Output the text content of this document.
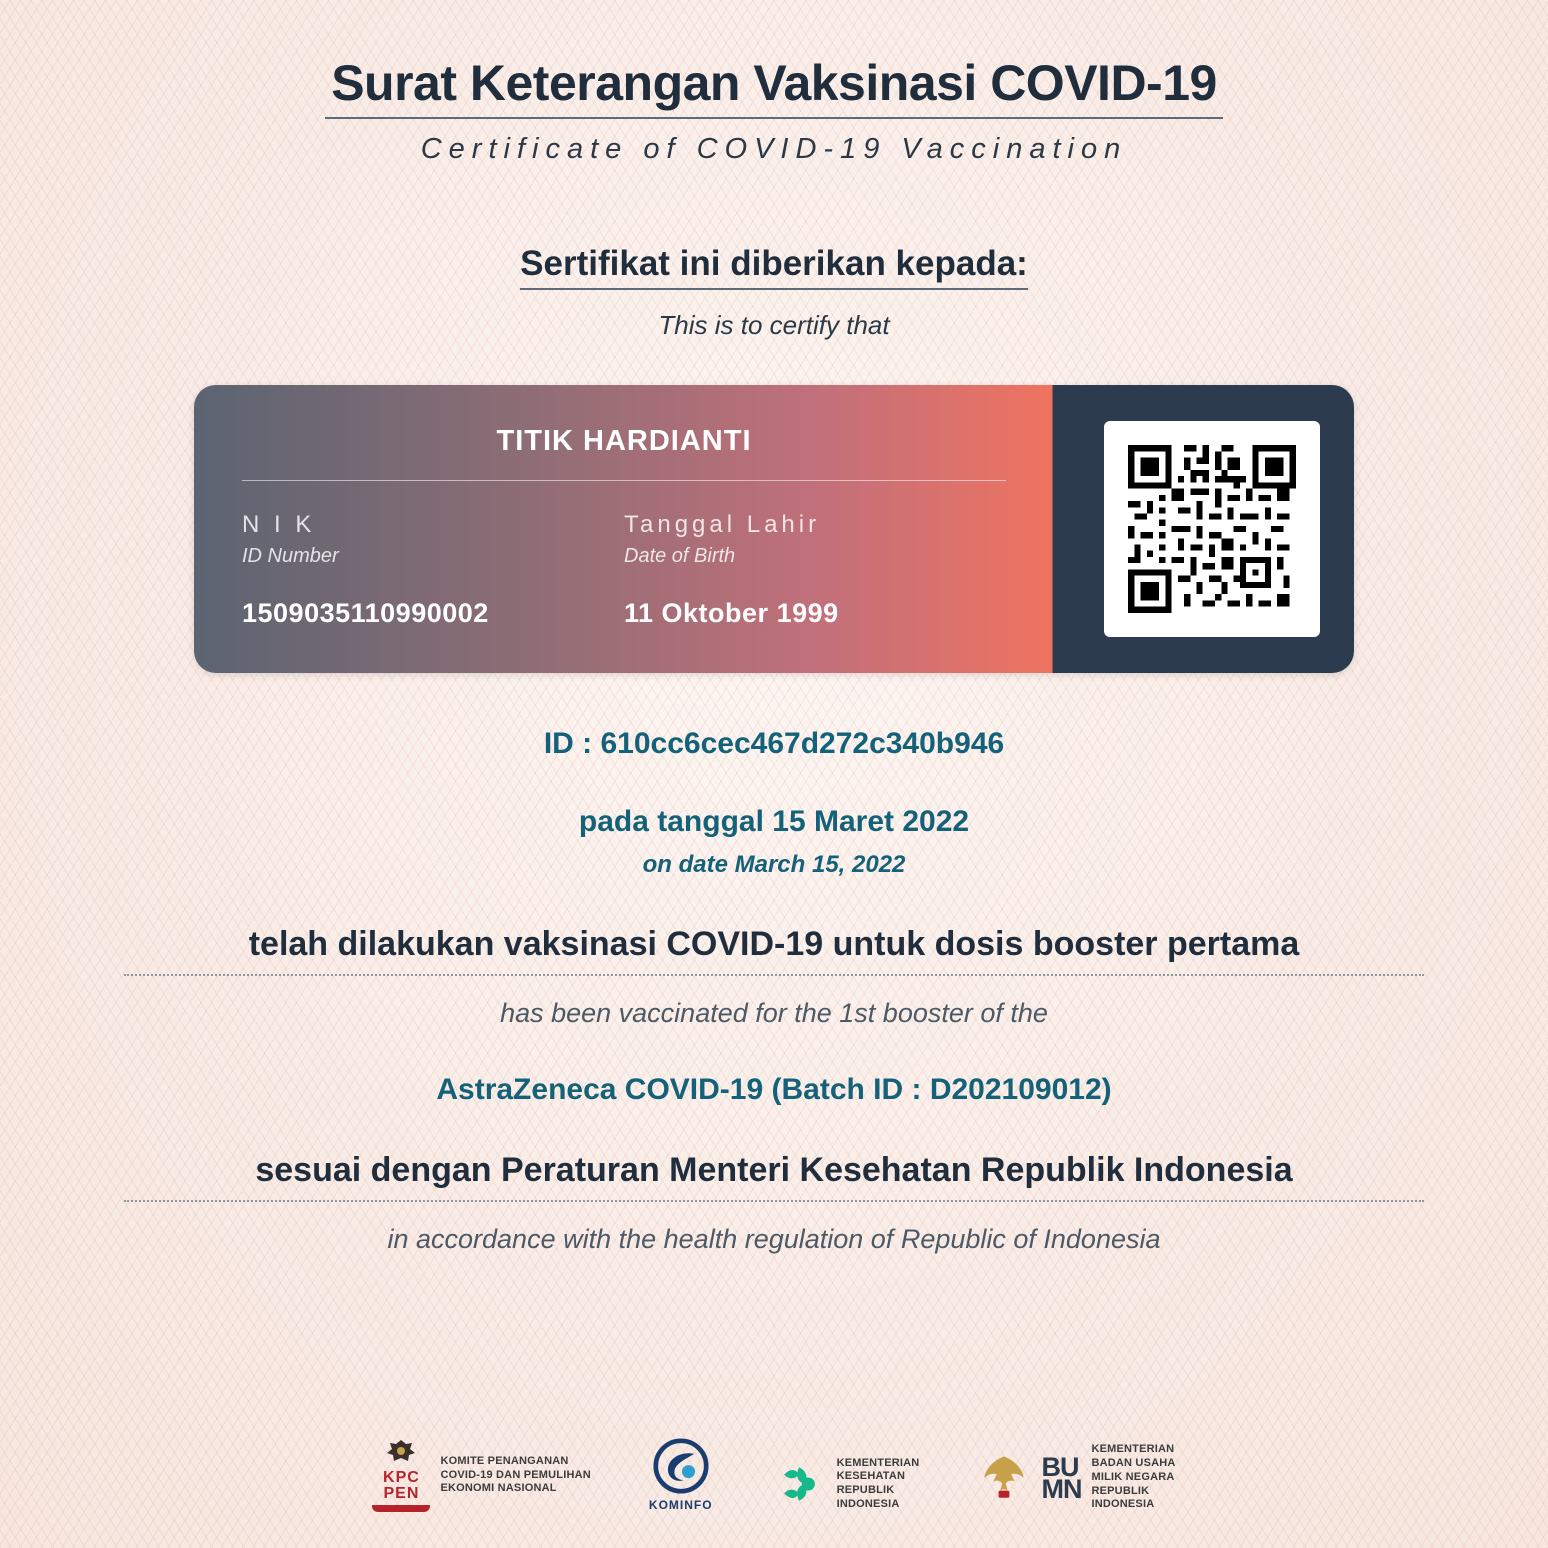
Surat Keterangan Vaksinasi COVID-19
Certificate of COVID-19 Vaccination
Sertifikat ini diberikan kepada:
This is to certify that
TITIK HARDIANTI
N I K
ID Number
1509035110990002
Tanggal Lahir
Date of Birth
11 Oktober 1999
ID : 610cc6cec467d272c340b946
pada tanggal 15 Maret 2022
on date March 15, 2022
telah dilakukan vaksinasi COVID-19 untuk dosis booster pertama
has been vaccinated for the 1st booster of the
AstraZeneca COVID-19 (Batch ID : D202109012)
sesuai dengan Peraturan Menteri Kesehatan Republik Indonesia
in accordance with the health regulation of Republic of Indonesia
KPC
PEN
KOMITE PENANGANAN
COVID-19 DAN PEMULIHAN
EKONOMI NASIONAL
KOMINFO
KEMENTERIAN
KESEHATAN
REPUBLIK
INDONESIA
BU
MN
KEMENTERIAN
BADAN USAHA
MILIK NEGARA
REPUBLIK
INDONESIA
